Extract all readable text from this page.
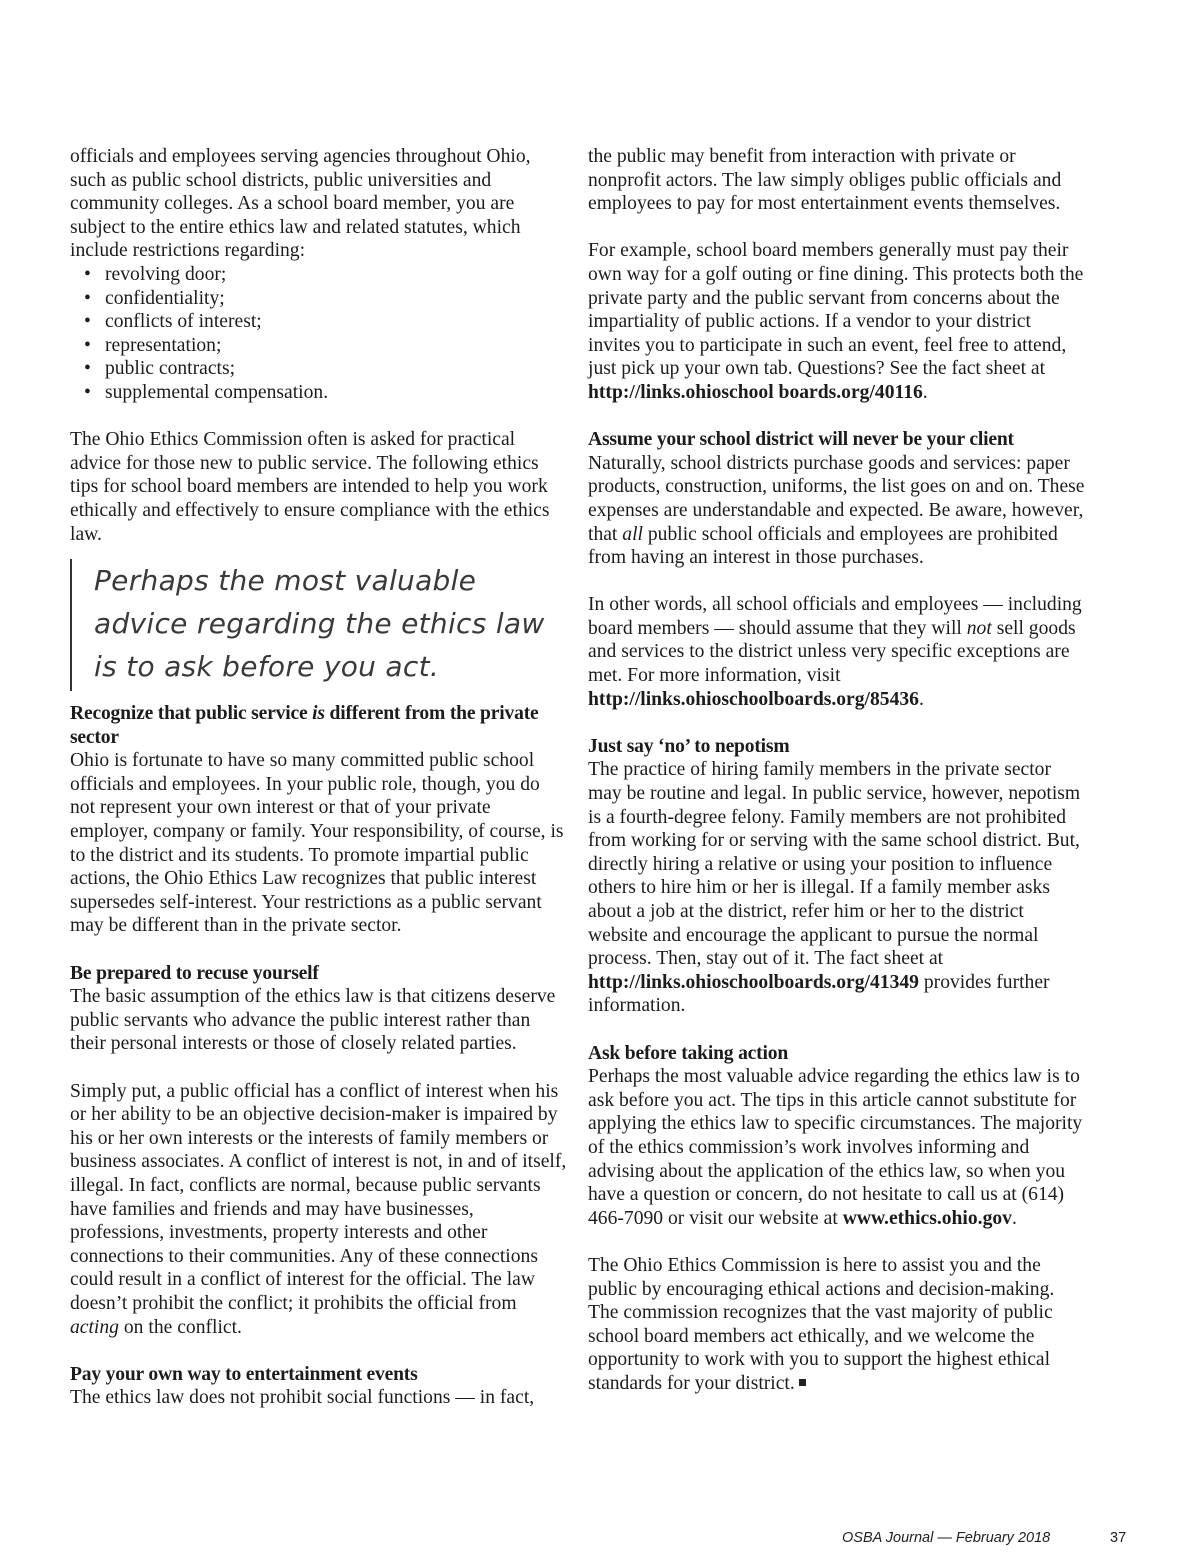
officials and employees serving agencies throughout Ohio, such as public school districts, public universities and community colleges. As a school board member, you are subject to the entire ethics law and related statutes, which include restrictions regarding:

• revolving door;
• confidentiality;
• conflicts of interest;
• representation;
• public contracts;
• supplemental compensation.

The Ohio Ethics Commission often is asked for practical advice for those new to public service. The following ethics tips for school board members are intended to help you work ethically and effectively to ensure compliance with the ethics law.

Perhaps the most valuable
advice regarding the ethics law
is to ask before you act.

Recognize that public service is different from the private sector

Ohio is fortunate to have so many committed public school officials and employees. In your public role, though, you do not represent your own interest or that of your private employer, company or family. Your responsibility, of course, is to the district and its students. To promote impartial public actions, the Ohio Ethics Law recognizes that public interest supersedes self-interest. Your restrictions as a public servant may be different than in the private sector.

Be prepared to recuse yourself

The basic assumption of the ethics law is that citizens deserve public servants who advance the public interest rather than their personal interests or those of closely related parties.

Simply put, a public official has a conflict of interest when his or her ability to be an objective decision-maker is impaired by his or her own interests or the interests of family members or business associates. A conflict of interest is not, in and of itself, illegal. In fact, conflicts are normal, because public servants have families and friends and may have businesses, professions, investments, property interests and other connections to their communities. Any of these connections could result in a conflict of interest for the official. The law doesn’t prohibit the conflict; it prohibits the official from acting on the conflict.

Pay your own way to entertainment events

The ethics law does not prohibit social functions — in fact,

the public may benefit from interaction with private or nonprofit actors. The law simply obliges public officials and employees to pay for most entertainment events themselves.

For example, school board members generally must pay their own way for a golf outing or fine dining. This protects both the private party and the public servant from concerns about the impartiality of public actions. If a vendor to your district invites you to participate in such an event, feel free to attend, just pick up your own tab. Questions? See the fact sheet at http://links.ohioschool boards.org/40116.

Assume your school district will never be your client

Naturally, school districts purchase goods and services: paper products, construction, uniforms, the list goes on and on. These expenses are understandable and expected. Be aware, however, that all public school officials and employees are prohibited from having an interest in those purchases.

In other words, all school officials and employees — including board members — should assume that they will not sell goods and services to the district unless very specific exceptions are met. For more information, visit http://links.ohioschoolboards.org/85436.

Just say ‘no’ to nepotism

The practice of hiring family members in the private sector may be routine and legal. In public service, however, nepotism is a fourth-degree felony. Family members are not prohibited from working for or serving with the same school district. But, directly hiring a relative or using your position to influence others to hire him or her is illegal. If a family member asks about a job at the district, refer him or her to the district website and encourage the applicant to pursue the normal process. Then, stay out of it. The fact sheet at http://links.ohioschoolboards.org/41349 provides further information.

Ask before taking action

Perhaps the most valuable advice regarding the ethics law is to ask before you act. The tips in this article cannot substitute for applying the ethics law to specific circumstances. The majority of the ethics commission’s work involves informing and advising about the application of the ethics law, so when you have a question or concern, do not hesitate to call us at (614) 466-7090 or visit our website at www.ethics.ohio.gov.

The Ohio Ethics Commission is here to assist you and the public by encouraging ethical actions and decision-making. The commission recognizes that the vast majority of public school board members act ethically, and we welcome the opportunity to work with you to support the highest ethical standards for your district.

OSBA Journal — February 2018	37
